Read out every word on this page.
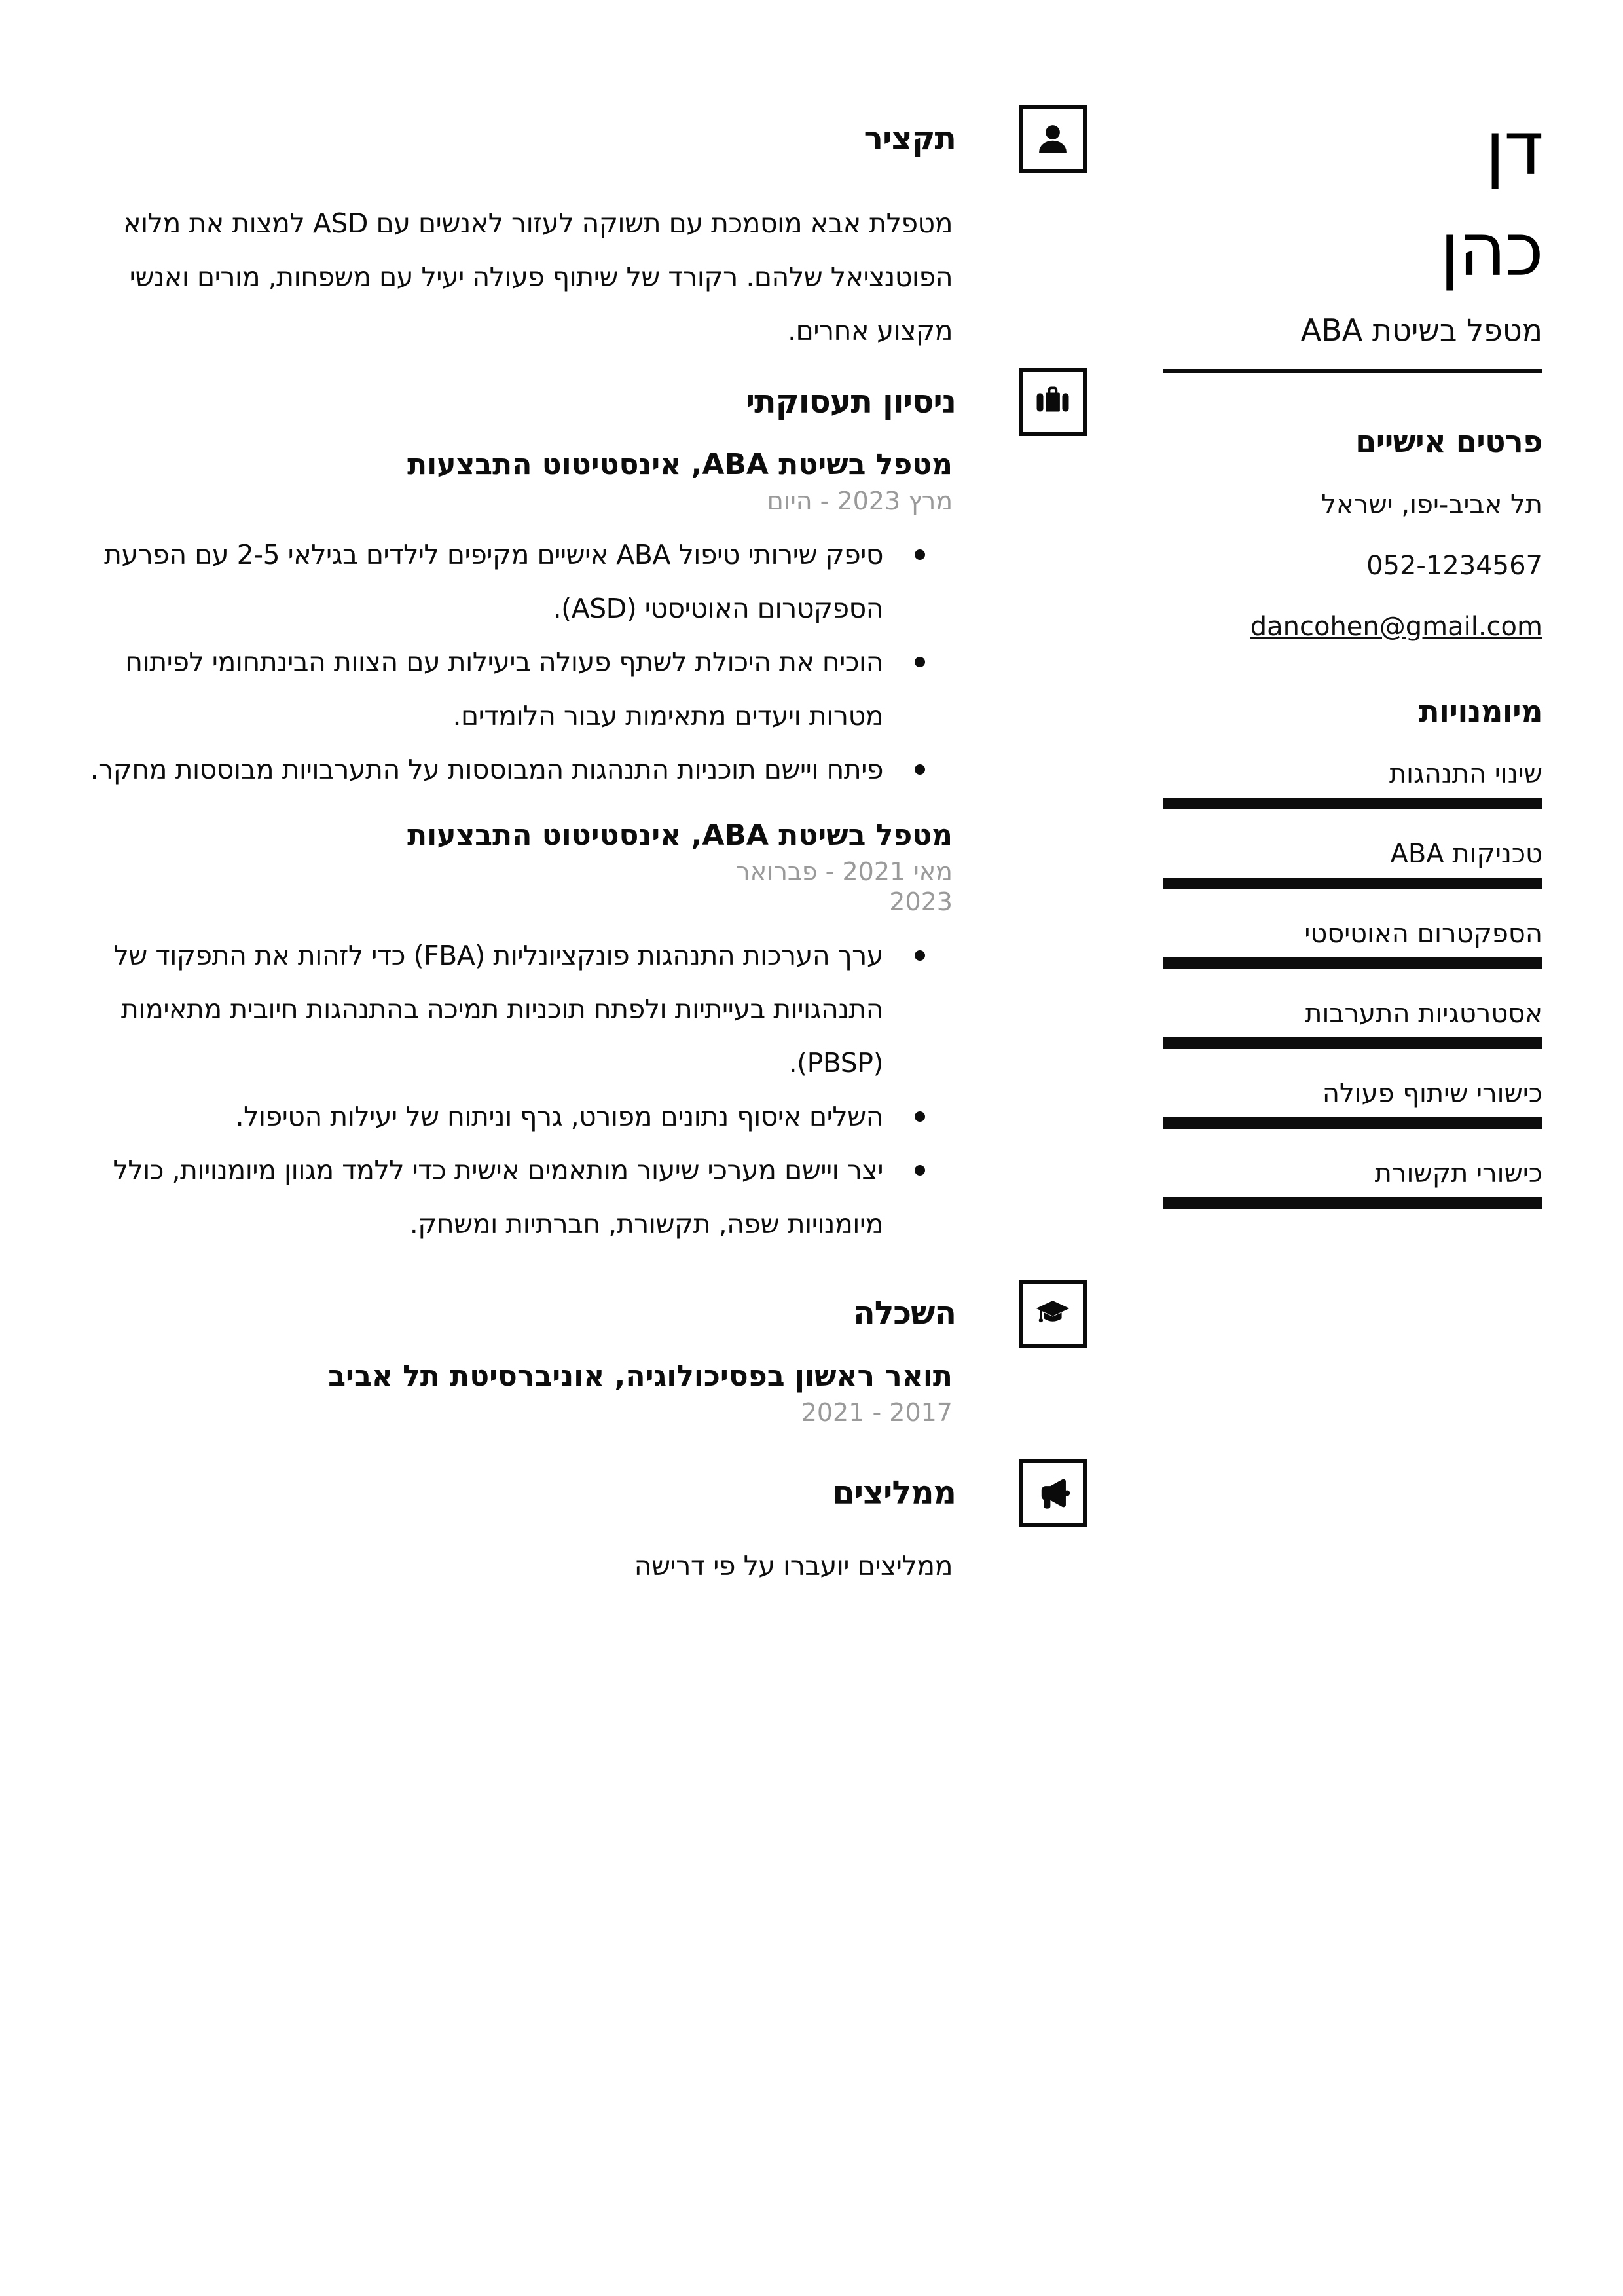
תקציר

מטפלת אבא מוסמכת עם תשוקה לעזור לאנשים עם ASD למצות את מלוא הפוטנציאל שלהם. רקורד של שיתוף פעולה יעיל עם משפחות, מורים ואנשי מקצוע אחרים.

ניסיון תעסוקתי
מטפל בשיטת ABA, אינסטיטוט התבצעות
מרץ 2023 - היום
סיפק שירותי טיפול ABA אישיים מקיפים לילדים בגילאי 2-5 עם הפרעת הספקטרום האוטיסטי (ASD).
הוכיח את היכולת לשתף פעולה ביעילות עם הצוות הבינתחומי לפיתוח מטרות ויעדים מתאימות עבור הלומדים.
פיתח ויישם תוכניות התנהגות המבוססות על התערבויות מבוססות מחקר.
מטפל בשיטת ABA, אינסטיטוט התבצעות
מאי 2021 - פברואר 2023
ערך הערכות התנהגות פונקציונליות (FBA) כדי לזהות את התפקוד של התנהגויות בעייתיות ולפתח תוכניות תמיכה בהתנהגות חיובית מתאימות (PBSP).
השלים איסוף נתונים מפורט, גרף וניתוח של יעילות הטיפול.
יצר ויישם מערכי שיעור מותאמים אישית כדי ללמד מגוון מיומנויות, כולל מיומנויות שפה, תקשורת, חברתיות ומשחק.
השכלה
תואר ראשון בפסיכולוגיה, אוניברסיטת תל אביב
2017 - 2021
ממליצים

ממליצים יועברו על פי דרישה

דן
כהן
מטפל בשיטת ABA
פרטים אישיים
תל אביב-יפו, ישראל
052-1234567
dancohen@gmail.com
מיומנויות
שינוי התנהגות
טכניקות ABA
הספקטרום האוטיסטי
אסטרטגיות התערבות
כישורי שיתוף פעולה
כישורי תקשורת
